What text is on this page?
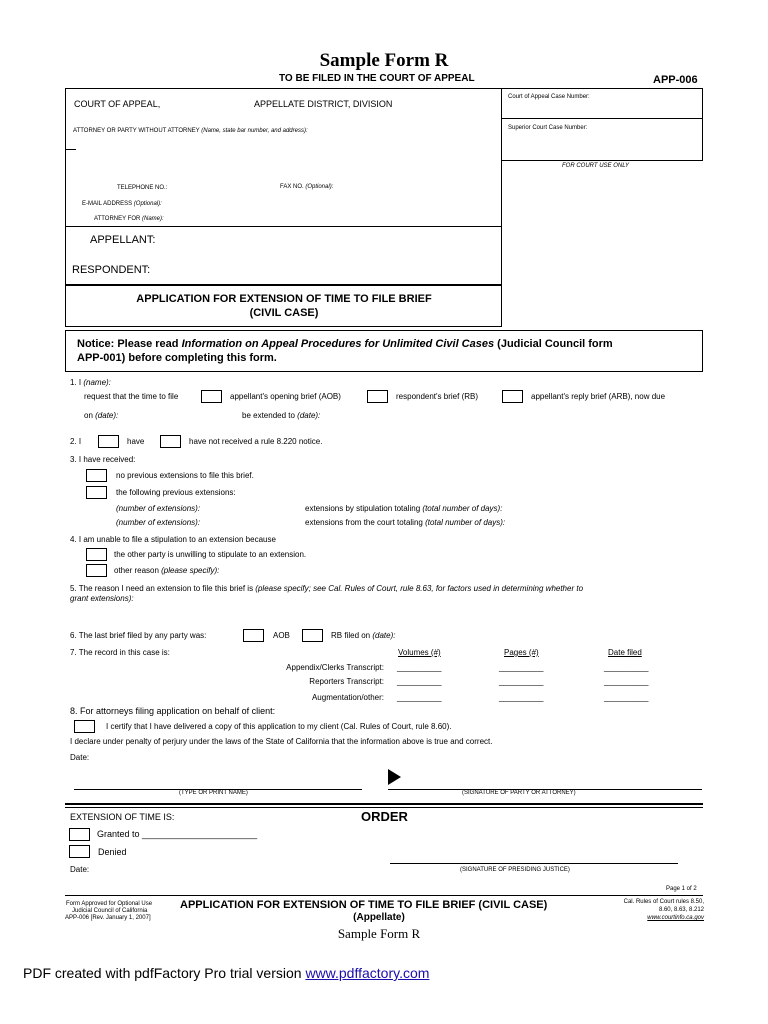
Sample Form R
TO BE FILED IN THE COURT OF APPEAL	APP-006
COURT OF APPEAL,	APPELLATE DISTRICT, DIVISION
Court of Appeal Case Number:
Superior Court Case Number:
FOR COURT USE ONLY
ATTORNEY OR PARTY WITHOUT ATTORNEY (Name, state bar number, and address):
TELEPHONE NO.:	FAX NO. (Optional):
E-MAIL ADDRESS (Optional):
ATTORNEY FOR (Name):
APPELLANT:
RESPONDENT:
APPLICATION FOR EXTENSION OF TIME TO FILE BRIEF
(CIVIL CASE)
Notice: Please read Information on Appeal Procedures for Unlimited Civil Cases (Judicial Council form
APP-001) before completing this form.
1. I (name):
request that the time to file	appellant's opening brief (AOB)	respondent's brief (RB)	appellant's reply brief (ARB), now due
on (date):	be extended to (date):
2. I	have	have not received a rule 8.220 notice.
3. I have received:
no previous extensions to file this brief.
the following previous extensions:
(number of extensions):	extensions by stipulation totaling (total number of days):
(number of extensions):	extensions from the court totaling (total number of days):
4. I am unable to file a stipulation to an extension because
the other party is unwilling to stipulate to an extension.
other reason (please specify):
5. The reason I need an extension to file this brief is (please specify; see Cal. Rules of Court, rule 8.63, for factors used in determining whether to
grant extensions):
6. The last brief filed by any party was:	AOB	RB filed on (date):
7. The record in this case is:	Volumes (#)	Pages (#)	Date filed
Appendix/Clerks Transcript: __________	__________	__________
Reporters Transcript: __________	__________	__________
Augmentation/other: __________	__________	__________
8. For attorneys filing application on behalf of client:
I certify that I have delivered a copy of this application to my client (Cal. Rules of Court, rule 8.60).
I declare under penalty of perjury under the laws of the State of California that the information above is true and correct.
Date:
(TYPE OR PRINT NAME)	(SIGNATURE OF PARTY OR ATTORNEY)
EXTENSION OF TIME IS:	ORDER
Granted to _______________________
Denied
Date:	(SIGNATURE OF PRESIDING JUSTICE)
Page 1 of 2
Form Approved for Optional Use
Judicial Council of California
APP-006 [Rev. January 1, 2007]
APPLICATION FOR EXTENSION OF TIME TO FILE BRIEF (CIVIL CASE)
(Appellate)
Sample Form R
Cal. Rules of Court rules 8.50,
8.60, 8.63, 8.212
www.courtinfo.ca.gov
PDF created with pdfFactory Pro trial version www.pdffactory.com
